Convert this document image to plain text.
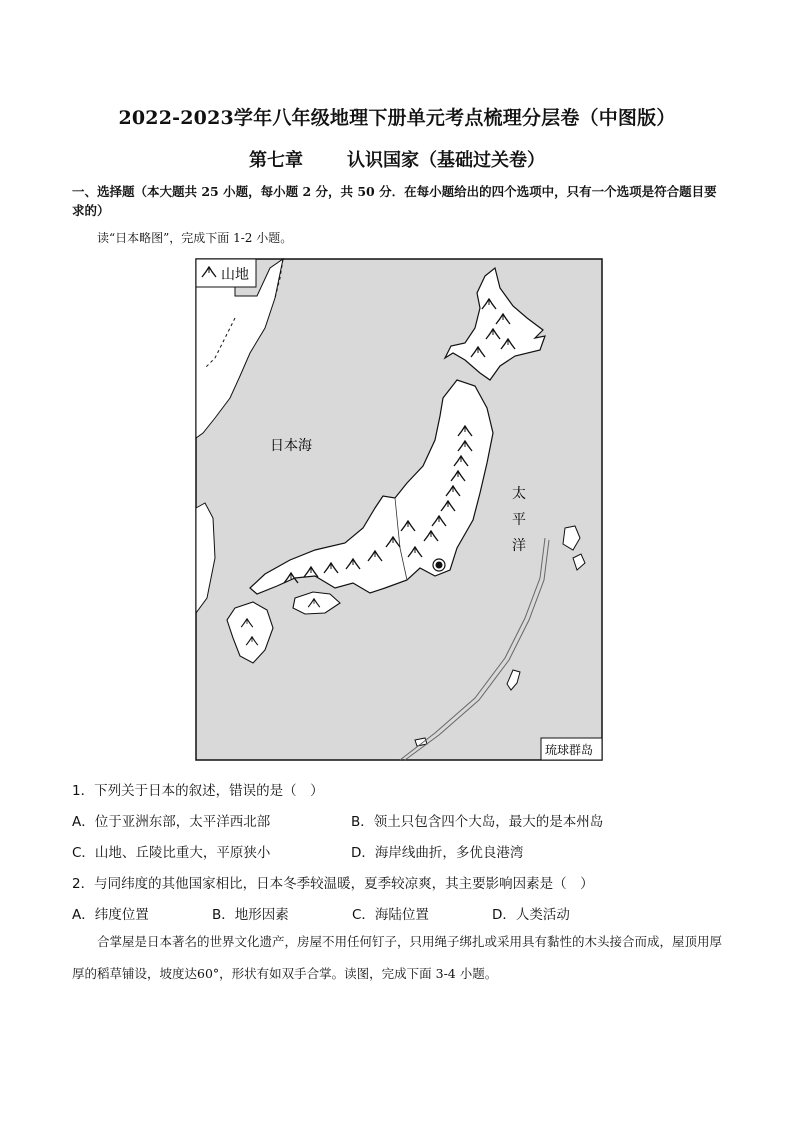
2022-2023学年八年级地理下册单元考点梳理分层卷（中图版）
第七章 认识国家（基础过关卷）
一、选择题（本大题共 25 小题，每小题 2 分，共 50 分．在每小题给出的四个选项中，只有一个选项是符合题目要求的）
读“日本略图”，完成下面 1-2 小题。
山地
日本海
太
平
洋
琉球群岛
1．下列关于日本的叙述，错误的是（　）
A．位于亚洲东部，太平洋西北部	B．领土只包含四个大岛，最大的是本州岛
C．山地、丘陵比重大，平原狭小	D．海岸线曲折，多优良港湾
2．与同纬度的其他国家相比，日本冬季较温暖，夏季较凉爽，其主要影响因素是（　）
A．纬度位置	B．地形因素	C．海陆位置	D．人类活动
合掌屋是日本著名的世界文化遗产，房屋不用任何钉子，只用绳子绑扎或采用具有黏性的木头接合而成，屋顶用厚厚的稻草铺设，坡度达60°，形状有如双手合掌。读图，完成下面 3-4 小题。
